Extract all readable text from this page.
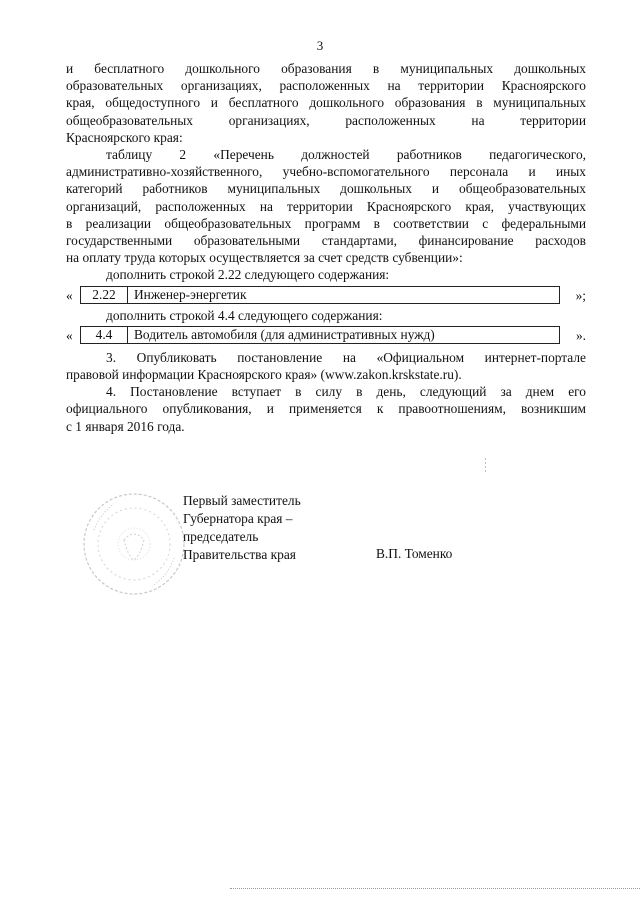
3
и бесплатного дошкольного образования в муниципальных дошкольных
образовательных организациях, расположенных на территории Красноярского
края, общедоступного и бесплатного дошкольного образования в муниципальных
общеобразовательных организациях, расположенных на территории
Красноярского края:
таблицу 2 «Перечень должностей работников педагогического,
административно-хозяйственного, учебно-вспомогательного персонала и иных
категорий работников муниципальных дошкольных и общеобразовательных
организаций, расположенных на территории Красноярского края, участвующих
в реализации общеобразовательных программ в соответствии с федеральными
государственными образовательными стандартами, финансирование расходов
на оплату труда которых осуществляется за счет средств субвенции»:
дополнить строкой 2.22 следующего содержания:
«	2.22	Инженер-энергетик	»;
дополнить строкой 4.4 следующего содержания:
«	4.4	Водитель автомобиля (для административных нужд)	».
3. Опубликовать постановление на «Официальном интернет-портале
правовой информации Красноярского края» (www.zakon.krskstate.ru).
4. Постановление вступает в силу в день, следующий за днем его
официального опубликования, и применяется к правоотношениям, возникшим
с 1 января 2016 года.
Первый заместитель
Губернатора края –
председатель
Правительства края	В.П. Томенко
